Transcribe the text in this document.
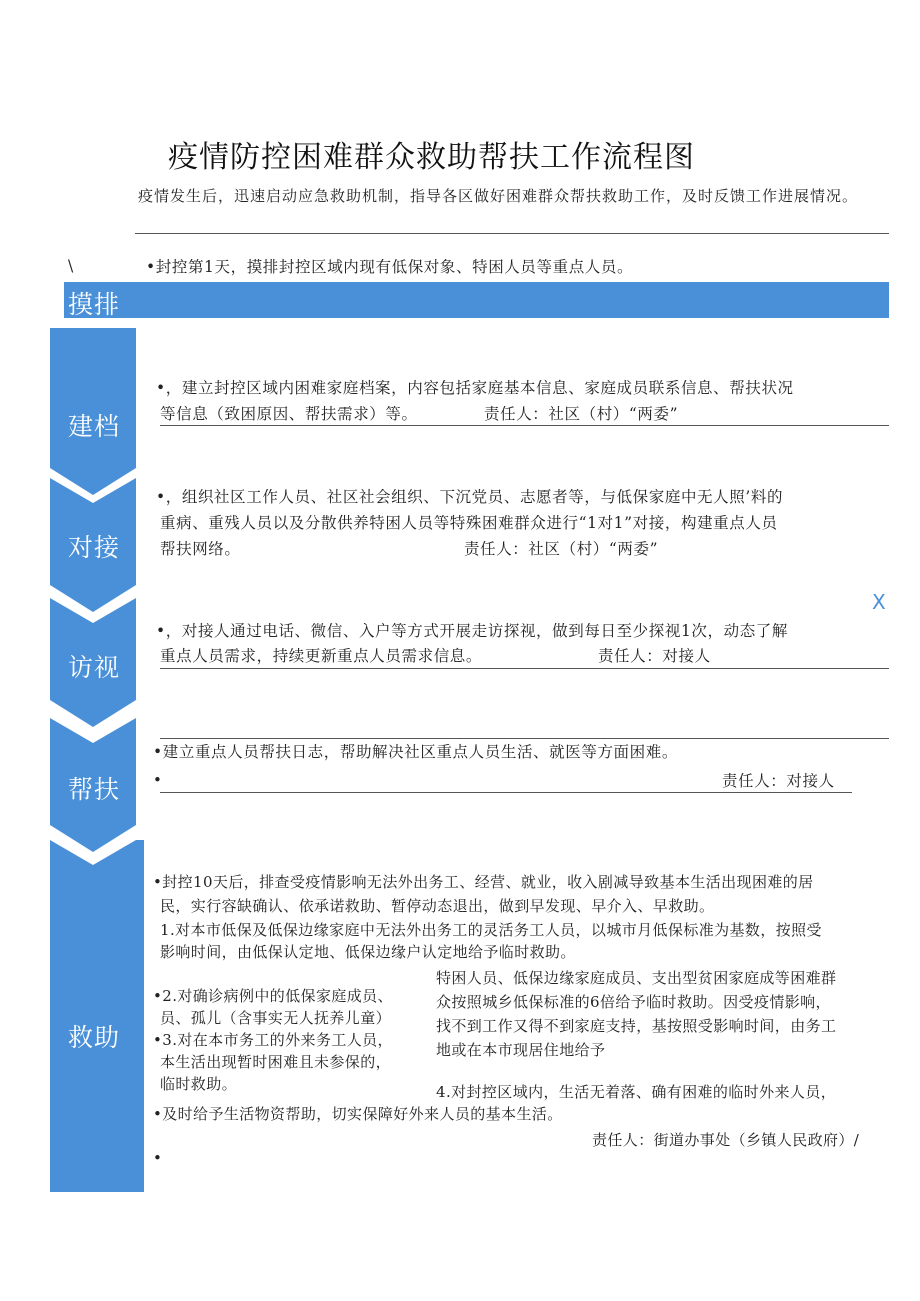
疫情防控困难群众救助帮扶工作流程图
疫情发生后，迅速启动应急救助机制，指导各区做好困难群众帮扶救助工作，及时反馈工作进展情况。
\
X
摸排
建档
对接
访视
帮扶
救助
•封控第1天，摸排封控区域内现有低保对象、特困人员等重点人员。
•，建立封控区域内困难家庭档案，内容包括家庭基本信息、家庭成员联系信息、帮扶状况
等信息（致困原因、帮扶需求）等。	责任人：社区（村）“两委”
•，组织社区工作人员、社区社会组织、下沉党员、志愿者等，与低保家庭中无人照’料的
重病、重残人员以及分散供养特困人员等特殊困难群众进行“1对1”对接，构建重点人员
帮扶网络。	责任人：社区（村）“两委”
•，对接人通过电话、微信、入户等方式开展走访探视，做到每日至少探视1次，动态了解
重点人员需求，持续更新重点人员需求信息。	责任人：对接人
•建立重点人员帮扶日志，帮助解决社区重点人员生活、就医等方面困难。
•	责任人：对接人
•封控10天后，排查受疫情影响无法外出务工、经营、就业，收入剧减导致基本生活出现困难的居
民，实行容缺确认、依承诺救助、暂停动态退出，做到早发现、早介入、早救助。
1.对本市低保及低保边缘家庭中无法外出务工的灵活务工人员，以城市月低保标准为基数，按照受
影响时间，由低保认定地、低保边缘户认定地给予临时救助。
•2.对确诊病例中的低保家庭成员、
员、孤儿（含事实无人抚养儿童）
•3.对在本市务工的外来务工人员，
本生活出现暂时困难且未参保的，
临时救助。
特困人员、低保边缘家庭成员、支出型贫困家庭成等困难群
众按照城乡低保标准的6倍给予临时救助。因受疫情影响，
找不到工作又得不到家庭支持，基按照受影响时间，由务工
地或在本市现居住地给予
4.对封控区域内，生活无着落、确有困难的临时外来人员，
•及时给予生活物资帮助，切实保障好外来人员的基本生活。
责任人：街道办事处（乡镇人民政府）/
•
